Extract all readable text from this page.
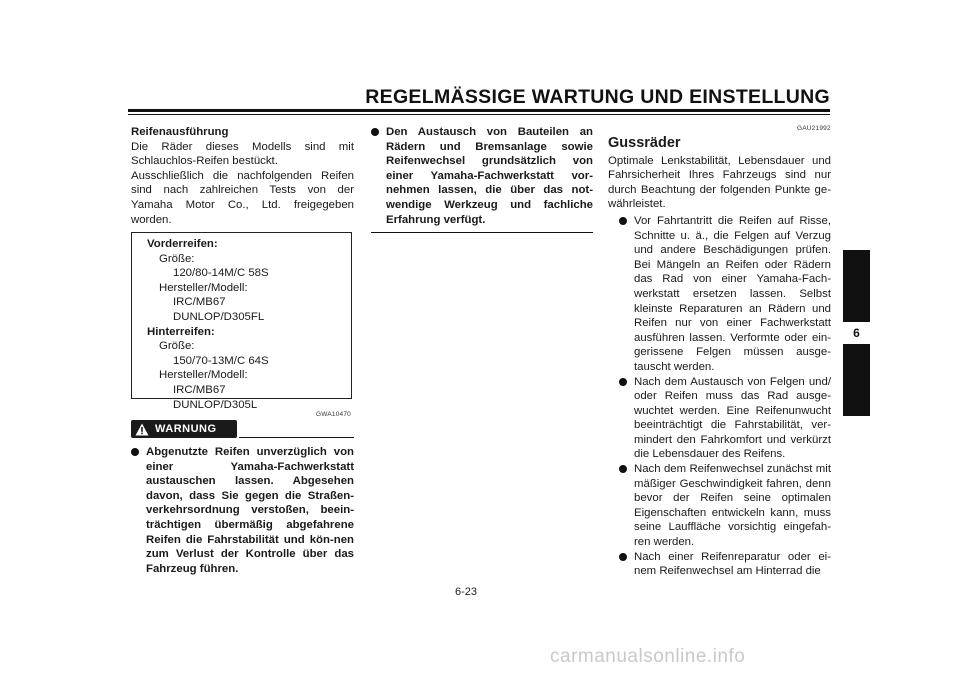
REGELMÄSSIGE WARTUNG UND EINSTELLUNG

Reifenausführung

Die Räder dieses Modells sind mit Schlauchlos-Reifen bestückt.

Ausschließlich die nachfolgenden Reifen sind nach zahlreichen Tests von der Yamaha Motor Co., Ltd. freigegeben worden.

Vorderreifen:
Größe:
120/80-14M/C 58S
Hersteller/Modell:
IRC/MB67
DUNLOP/D305FL
Hinterreifen:
Größe:
150/70-13M/C 64S
Hersteller/Modell:
IRC/MB67
DUNLOP/D305L
GWA10470
WARNUNG

Abgenutzte Reifen unverzüglich von einer Yamaha-Fachwerkstatt austauschen lassen. Abgesehen davon, dass Sie gegen die Straßen-verkehrsordnung verstoßen, beein-trächtigen übermäßig abgefahrene Reifen die Fahrstabilität und kön-nen zum Verlust der Kontrolle über das Fahrzeug führen.

Den Austausch von Bauteilen an Rädern und Bremsanlage sowie Reifenwechsel grundsätzlich von einer Yamaha-Fachwerkstatt vor-nehmen lassen, die über das not-wendige Werkzeug und fachliche Erfahrung verfügt.

GAU21992
Gussräder

Optimale Lenkstabilität, Lebensdauer und Fahrsicherheit Ihres Fahrzeugs sind nur durch Beachtung der folgenden Punkte ge-währleistet.

Vor Fahrtantritt die Reifen auf Risse, Schnitte u. ä., die Felgen auf Verzug und andere Beschädigungen prüfen. Bei Mängeln an Reifen oder Rädern das Rad von einer Yamaha-Fach-werkstatt ersetzen lassen. Selbst kleinste Reparaturen an Rädern und Reifen nur von einer Fachwerkstatt ausführen lassen. Verformte oder ein-gerissene Felgen müssen ausge-tauscht werden.

Nach dem Austausch von Felgen und/ oder Reifen muss das Rad ausge-wuchtet werden. Eine Reifenunwucht beeinträchtigt die Fahrstabilität, ver-mindert den Fahrkomfort und verkürzt die Lebensdauer des Reifens.

Nach dem Reifenwechsel zunächst mit mäßiger Geschwindigkeit fahren, denn bevor der Reifen seine optimalen Eigenschaften entwickeln kann, muss seine Lauffläche vorsichtig eingefah-ren werden.

Nach einer Reifenreparatur oder ei-nem Reifenwechsel am Hinterrad die

6-23
6
carmanualsonline.info
